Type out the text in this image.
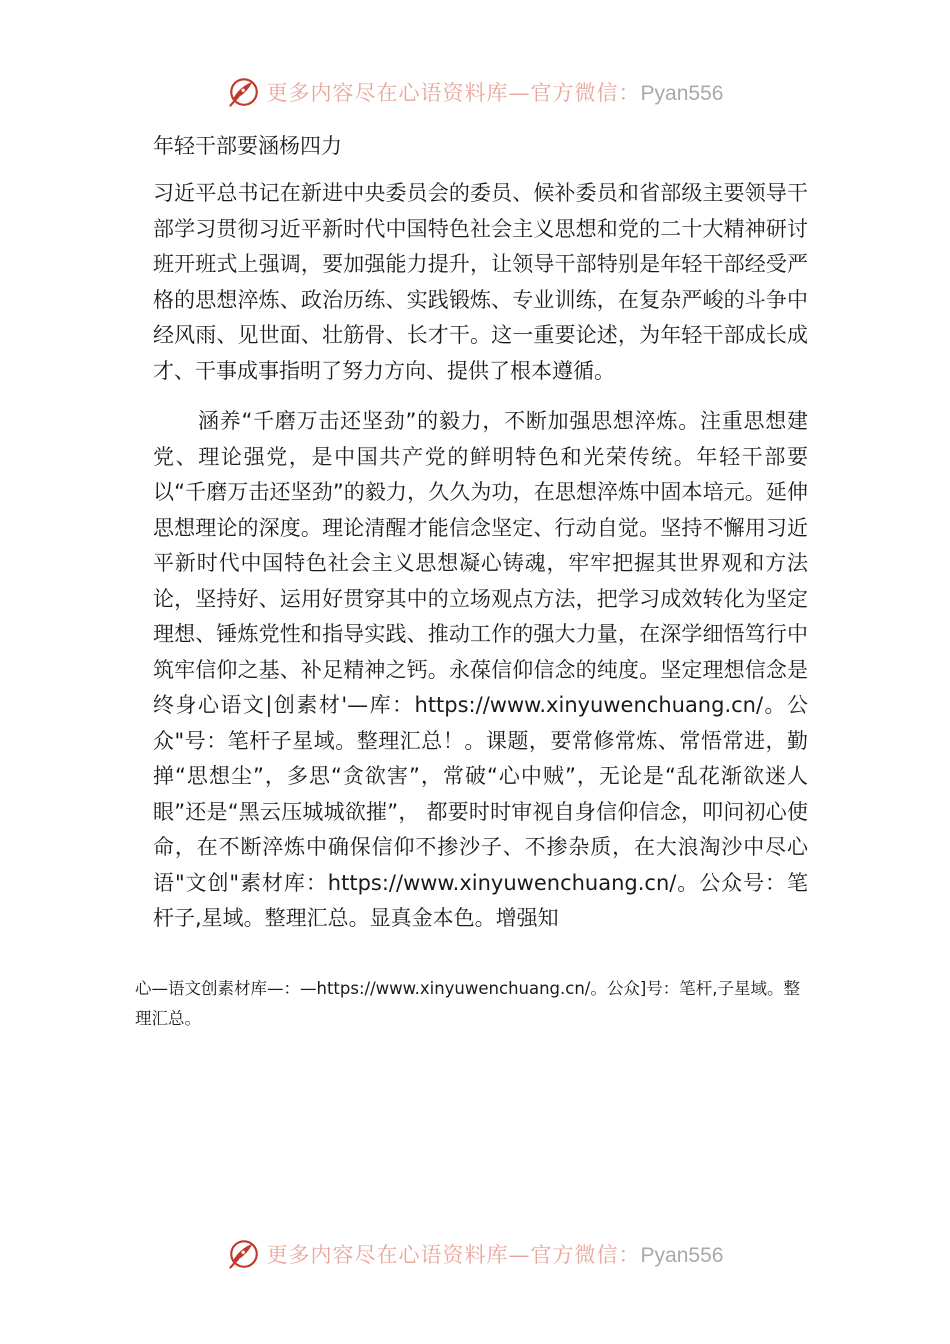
更多内容尽在心语资料库—官方微信：Pyan556
年轻干部要涵杨四力

习近平总书记在新进中央委员会的委员、候补委员和省部级主要领导干部学习贯彻习近平新时代中国特色社会主义思想和党的二十大精神研讨班开班式上强调，要加强能力提升，让领导干部特别是年轻干部经受严格的思想淬炼、政治历练、实践锻炼、专业训练，在复杂严峻的斗争中经风雨、见世面、壮筋骨、长才干。这一重要论述，为年轻干部成长成才、干事成事指明了努力方向、提供了根本遵循。

涵养“千磨万击还坚劲”的毅力，不断加强思想淬炼。注重思想建党、理论强党，是中国共产党的鲜明特色和光荣传统。年轻干部要以“千磨万击还坚劲”的毅力，久久为功，在思想淬炼中固本培元。延伸思想理论的深度。理论清醒才能信念坚定、行动自觉。坚持不懈用习近平新时代中国特色社会主义思想凝心铸魂，牢牢把握其世界观和方法论，坚持好、运用好贯穿其中的立场观点方法，把学习成效转化为坚定理想、锤炼党性和指导实践、推动工作的强大力量，在深学细悟笃行中筑牢信仰之基、补足精神之钙。永葆信仰信念的纯度。坚定理想信念是终身心语文|创素材'—库：https://www.xinyuwenchuang.cn/。公众"号：笔杆子星域。整理汇总！。课题，要常修常炼、常悟常进，勤掸“思想尘”，多思“贪欲害”，常破“心中贼”，无论是“乱花渐欲迷人眼”还是“黑云压城城欲摧”， 都要时时审视自身信仰信念，叩问初心使命，在不断淬炼中确保信仰不掺沙子、不掺杂质，在大浪淘沙中尽心语"文创"素材库：https://www.xinyuwenchuang.cn/。公众号：笔杆子,星域。整理汇总。显真金本色。增强知

心—语文创素材库—：—https://www.xinyuwenchuang.cn/。公众]号：笔杆,子星域。整理汇总。

更多内容尽在心语资料库—官方微信：Pyan556
